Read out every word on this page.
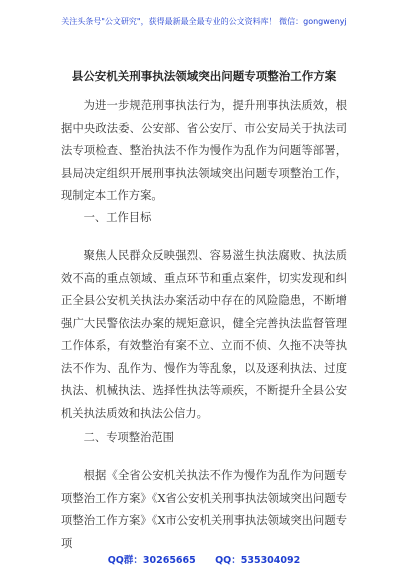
关注头条号"公文研究"，获得最新最全最专业的公文资料库！ 微信：gongwenyj
县公安机关刑事执法领域突出问题专项整治工作方案
为进一步规范刑事执法行为，提升刑事执法质效，根据中央政法委、公安部、省公安厅、市公安局关于执法司法专项检查、整治执法不作为慢作为乱作为问题等部署，县局决定组织开展刑事执法领域突出问题专项整治工作，现制定本工作方案。
一、工作目标
聚焦人民群众反映强烈、容易滋生执法腐败、执法质效不高的重点领域、重点环节和重点案件，切实发现和纠正全县公安机关执法办案活动中存在的风险隐患，不断增强广大民警依法办案的规矩意识，健全完善执法监督管理工作体系，有效整治有案不立、立而不侦、久拖不决等执法不作为、乱作为、慢作为等乱象，以及逐利执法、过度执法、机械执法、选择性执法等顽疾，不断提升全县公安机关执法质效和执法公信力。
二、专项整治范围
根据《全省公安机关执法不作为慢作为乱作为问题专项整治工作方案》《X省公安机关刑事执法领域突出问题专项整治工作方案》《X市公安机关刑事执法领域突出问题专项
QQ群：30265665 QQ：535304092
